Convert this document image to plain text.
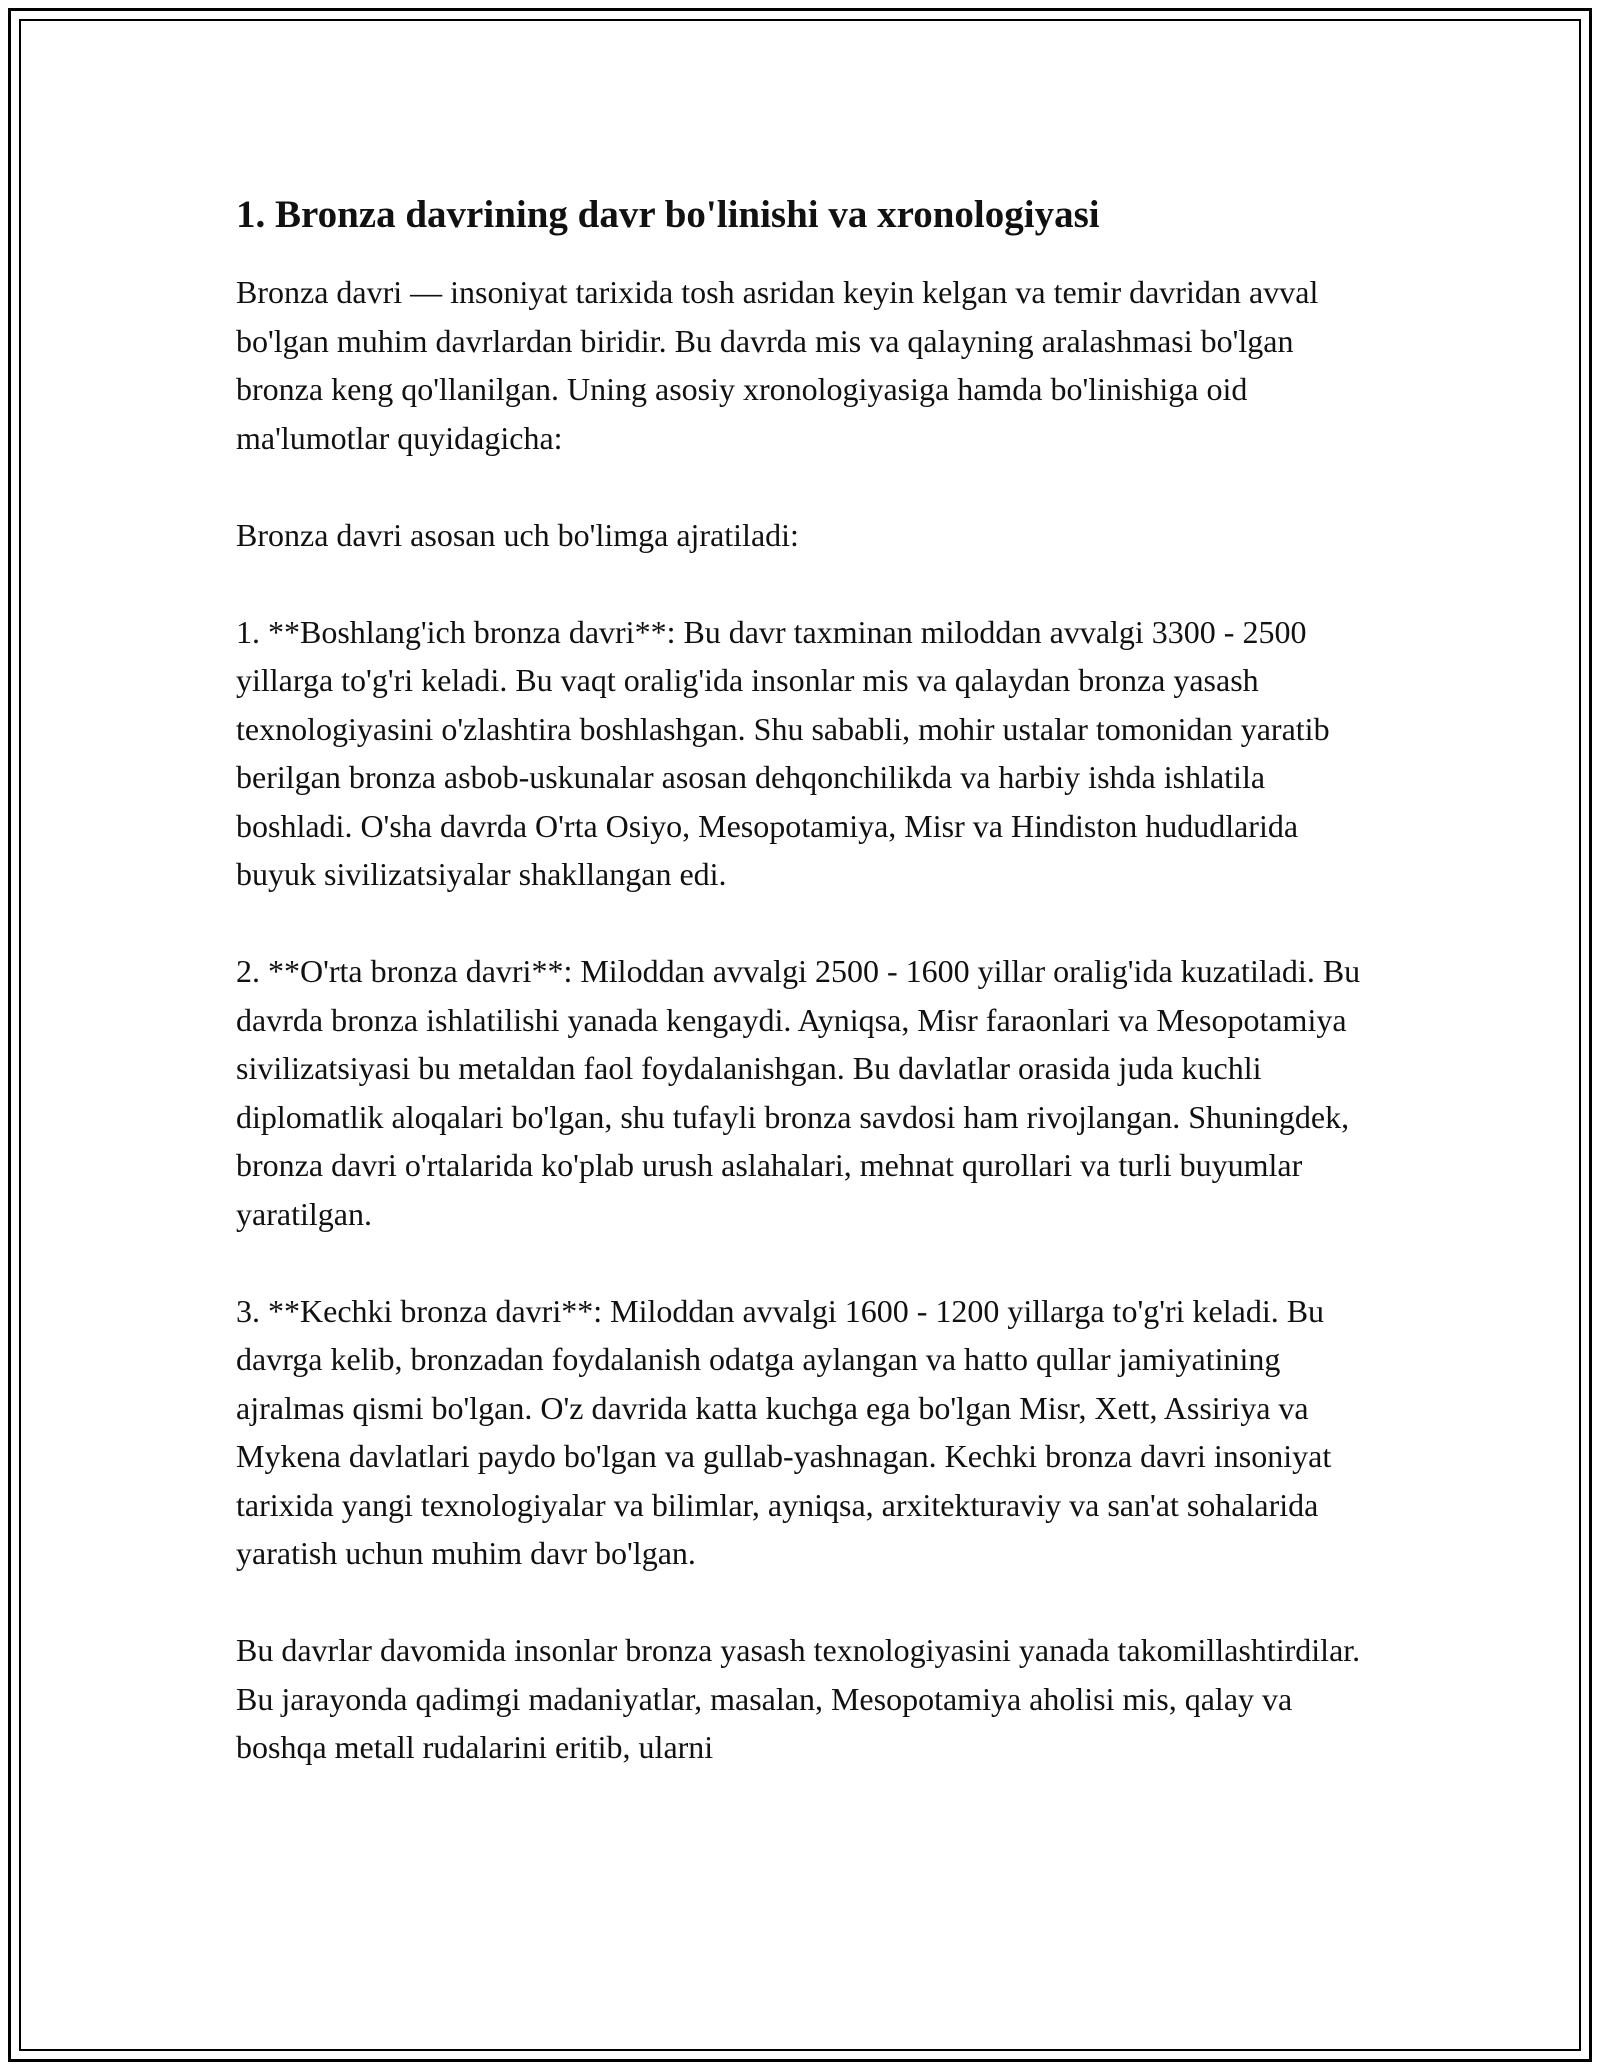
1. Bronza davrining davr bo'linishi va xronologiyasi

Bronza davri — insoniyat tarixida tosh asridan keyin kelgan va temir davridan avval bo'lgan muhim davrlardan biridir. Bu davrda mis va qalayning aralashmasi bo'lgan bronza keng qo'llanilgan. Uning asosiy xronologiyasiga hamda bo'linishiga oid ma'lumotlar quyidagicha:

Bronza davri asosan uch bo'limga ajratiladi:

1. **Boshlang'ich bronza davri**: Bu davr taxminan miloddan avvalgi 3300 - 2500 yillarga to'g'ri keladi. Bu vaqt oralig'ida insonlar mis va qalaydan bronza yasash texnologiyasini o'zlashtira boshlashgan. Shu sababli, mohir ustalar tomonidan yaratib berilgan bronza asbob-uskunalar asosan dehqonchilikda va harbiy ishda ishlatila boshladi. O'sha davrda O'rta Osiyo, Mesopotamiya, Misr va Hindiston hududlarida buyuk sivilizatsiyalar shakllangan edi.

2. **O'rta bronza davri**: Miloddan avvalgi 2500 - 1600 yillar oralig'ida kuzatiladi. Bu davrda bronza ishlatilishi yanada kengaydi. Ayniqsa, Misr faraonlari va Mesopotamiya sivilizatsiyasi bu metaldan faol foydalanishgan. Bu davlatlar orasida juda kuchli diplomatlik aloqalari bo'lgan, shu tufayli bronza savdosi ham rivojlangan. Shuningdek, bronza davri o'rtalarida ko'plab urush aslahalari, mehnat qurollari va turli buyumlar yaratilgan.

3. **Kechki bronza davri**: Miloddan avvalgi 1600 - 1200 yillarga to'g'ri keladi. Bu davrga kelib, bronzadan foydalanish odatga aylangan va hatto qullar jamiyatining ajralmas qismi bo'lgan. O'z davrida katta kuchga ega bo'lgan Misr, Xett, Assiriya va Mykena davlatlari paydo bo'lgan va gullab-yashnagan. Kechki bronza davri insoniyat tarixida yangi texnologiyalar va bilimlar, ayniqsa, arxitekturaviy va san'at sohalarida yaratish uchun muhim davr bo'lgan.

Bu davrlar davomida insonlar bronza yasash texnologiyasini yanada takomillashtirdilar. Bu jarayonda qadimgi madaniyatlar, masalan, Mesopotamiya aholisi mis, qalay va boshqa metall rudalarini eritib, ularni
